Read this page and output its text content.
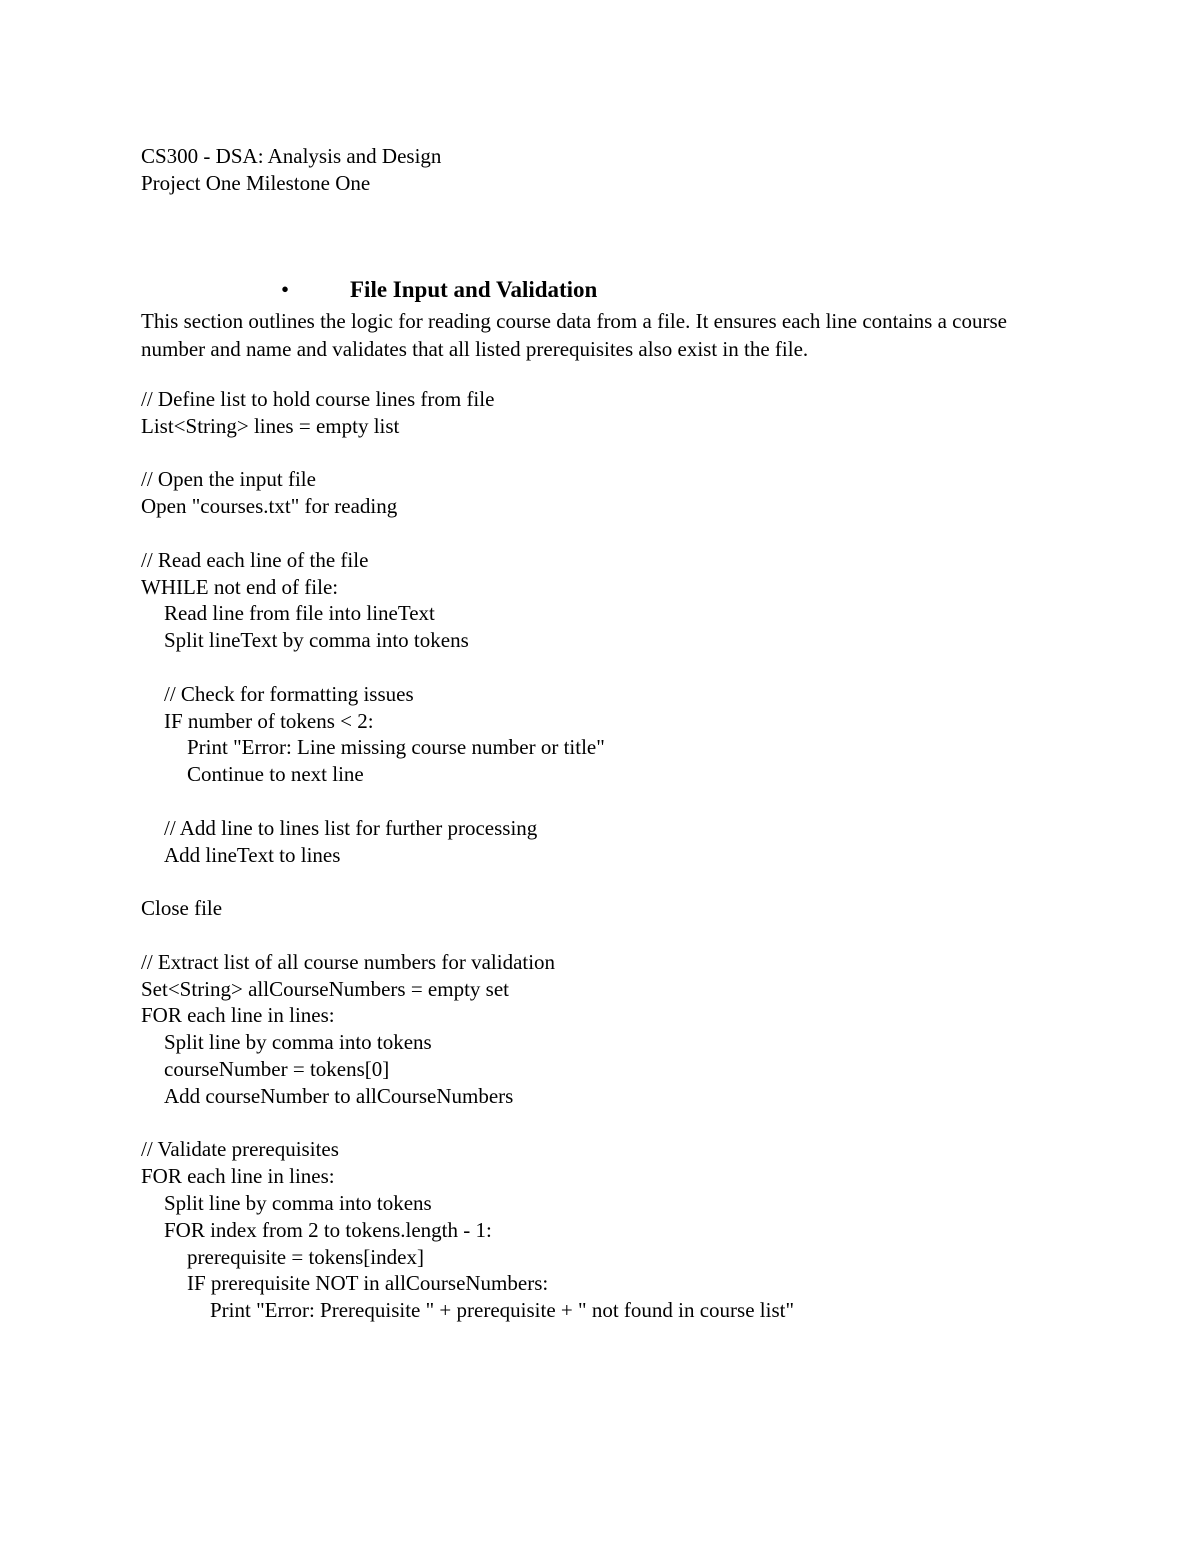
CS300 - DSA: Analysis and Design
Project One Milestone One
•	File Input and Validation
This section outlines the logic for reading course data from a file. It ensures each line contains a course number and name and validates that all listed prerequisites also exist in the file.
// Define list to hold course lines from file
List<String> lines = empty list

// Open the input file
Open "courses.txt" for reading

// Read each line of the file
WHILE not end of file:
Read line from file into lineText
Split lineText by comma into tokens

// Check for formatting issues
IF number of tokens < 2:
Print "Error: Line missing course number or title"
Continue to next line

// Add line to lines list for further processing
Add lineText to lines

Close file

// Extract list of all course numbers for validation
Set<String> allCourseNumbers = empty set
FOR each line in lines:
Split line by comma into tokens
courseNumber = tokens[0]
Add courseNumber to allCourseNumbers

// Validate prerequisites
FOR each line in lines:
Split line by comma into tokens
FOR index from 2 to tokens.length - 1:
prerequisite = tokens[index]
IF prerequisite NOT in allCourseNumbers:
Print "Error: Prerequisite " + prerequisite + " not found in course list"
